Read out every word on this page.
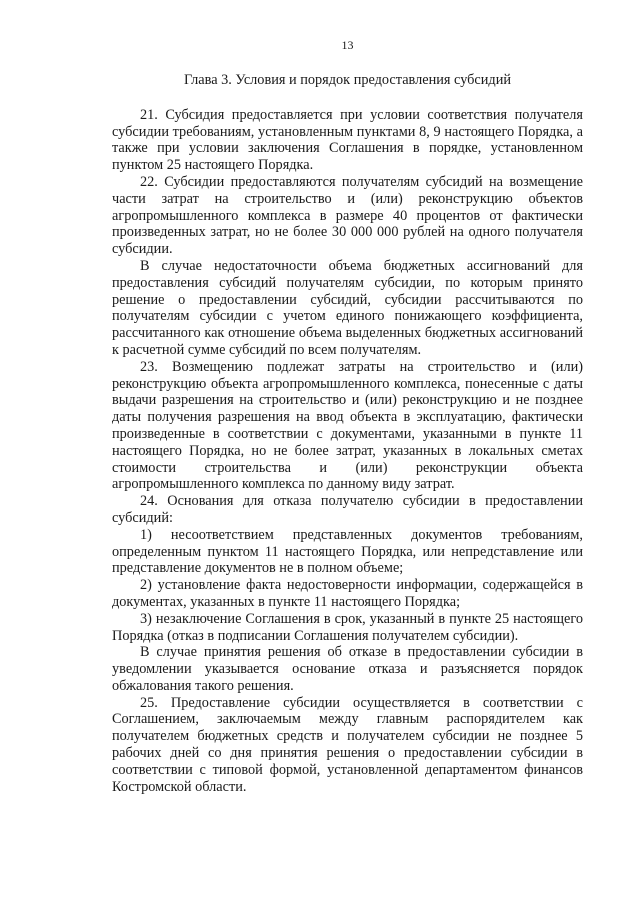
13
Глава 3. Условия и порядок предоставления субсидий

21. Субсидия предоставляется при условии соответствия получателя субсидии требованиям, установленным пунктами 8, 9 настоящего Порядка, а также при условии заключения Соглашения в порядке, установленном пунктом 25 настоящего Порядка.

22. Субсидии предоставляются получателям субсидий на возмещение части затрат на строительство и (или) реконструкцию объектов агропромышленного комплекса в размере 40 процентов от фактически произведенных затрат, но не более 30 000 000 рублей на одного получателя субсидии.

В случае недостаточности объема бюджетных ассигнований для предоставления субсидий получателям субсидии, по которым принято решение о предоставлении субсидий, субсидии рассчитываются по получателям субсидии с учетом единого понижающего коэффициента, рассчитанного как отношение объема выделенных бюджетных ассигнований к расчетной сумме субсидий по всем получателям.

23. Возмещению подлежат затраты на строительство и (или) реконструкцию объекта агропромышленного комплекса, понесенные с даты выдачи разрешения на строительство и (или) реконструкцию и не позднее даты получения разрешения на ввод объекта в эксплуатацию, фактически произведенные в соответствии с документами, указанными в пункте 11 настоящего Порядка, но не более затрат, указанных в локальных сметах стоимости строительства и (или) реконструкции объекта агропромышленного комплекса по данному виду затрат.

24. Основания для отказа получателю субсидии в предоставлении субсидий:

1) несоответствием представленных документов требованиям, определенным пунктом 11 настоящего Порядка, или непредставление или представление документов не в полном объеме;

2) установление факта недостоверности информации, содержащейся в документах, указанных в пункте 11 настоящего Порядка;

3) незаключение Соглашения в срок, указанный в пункте 25 настоящего Порядка (отказ в подписании Соглашения получателем субсидии).

В случае принятия решения об отказе в предоставлении субсидии в уведомлении указывается основание отказа и разъясняется порядок обжалования такого решения.

25. Предоставление субсидии осуществляется в соответствии с Соглашением, заключаемым между главным распорядителем как получателем бюджетных средств и получателем субсидии не позднее 5 рабочих дней со дня принятия решения о предоставлении субсидии в соответствии с типовой формой, установленной департаментом финансов Костромской области.
